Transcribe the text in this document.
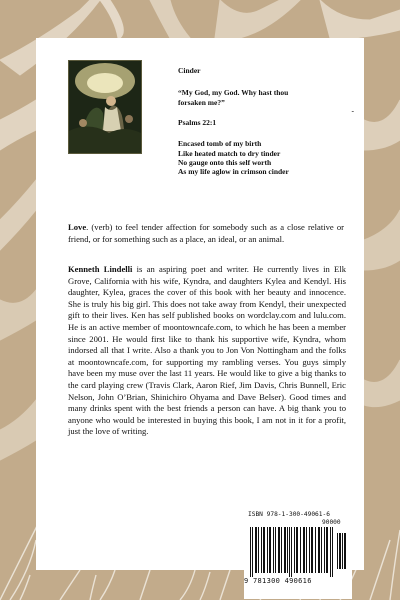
Cinder
“My God, my God. Why hast thou
forsaken me?”
-
Psalms 22:1
Encased tomb of my birth
Like heated match to dry tinder
No gauge onto this self worth
As my life aglow in crimson cinder
Love. (verb) to feel tender affection for somebody such as a close relative or friend, or for something such as a place, an ideal, or an animal.
Kenneth Lindelli is an aspiring poet and writer. He currently lives in Elk Grove, California with his wife, Kyndra, and daughters Kylea and Kendyl. His daughter, Kylea, graces the cover of this book with her beauty and innocence. She is truly his big girl. This does not take away from Kendyl, their unexpected gift to their lives. Ken has self published books on wordclay.com and lulu.com. He is an active member of moontowncafe.com, to which he has been a member since 2001. He would first like to thank his supportive wife, Kyndra, whom indorsed all that I write. Also a thank you to Jon Von Nottingham and the folks at moontowncafe.com, for supporting my rambling verses. You guys simply have been my muse over the last 11 years. He would like to give a big thanks to the card playing crew (Travis Clark, Aaron Rief, Jim Davis, Chris Bunnell, Eric Nelson, John O’Brian, Shinichiro Ohyama and Dave Belser). Good times and many drinks spent with the best friends a person can have. A big thank you to anyone who would be interested in buying this book, I am not in it for a profit, just the love of writing.
ISBN 978-1-300-49061-6
90000
9 781300 490616
